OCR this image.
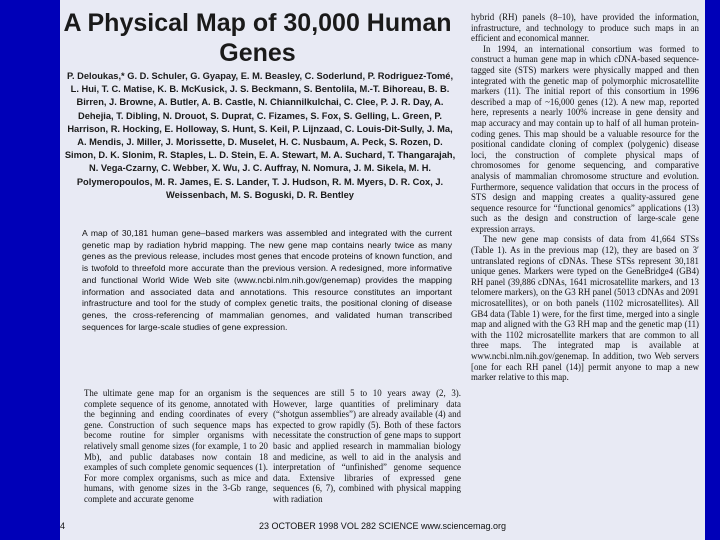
A Physical Map of 30,000 Human Genes
P. Deloukas,* G. D. Schuler, G. Gyapay, E. M. Beasley, C. Soderlund, P. Rodriguez-Tomé, L. Hui, T. C. Matise, K. B. McKusick, J. S. Beckmann, S. Bentolila, M.-T. Bihoreau, B. B. Birren, J. Browne, A. Butler, A. B. Castle, N. Chiannilkulchai, C. Clee, P. J. R. Day, A. Dehejia, T. Dibling, N. Drouot, S. Duprat, C. Fizames, S. Fox, S. Gelling, L. Green, P. Harrison, R. Hocking, E. Holloway, S. Hunt, S. Keil, P. Lijnzaad, C. Louis-Dit-Sully, J. Ma, A. Mendis, J. Miller, J. Morissette, D. Muselet, H. C. Nusbaum, A. Peck, S. Rozen, D. Simon, D. K. Slonim, R. Staples, L. D. Stein, E. A. Stewart, M. A. Suchard, T. Thangarajah, N. Vega-Czarny, C. Webber, X. Wu, J. C. Auffray, N. Nomura, J. M. Sikela, M. H. Polymeropoulos, M. R. James, E. S. Lander, T. J. Hudson, R. M. Myers, D. R. Cox, J. Weissenbach, M. S. Boguski, D. R. Bentley
A map of 30,181 human gene–based markers was assembled and integrated with the current genetic map by radiation hybrid mapping. The new gene map contains nearly twice as many genes as the previous release, includes most genes that encode proteins of known function, and is twofold to threefold more accurate than the previous version. A redesigned, more informative and functional World Wide Web site (www.ncbi.nlm.nih.gov/genemap) provides the mapping information and associated data and annotations. This resource constitutes an important infrastructure and tool for the study of complex genetic traits, the positional cloning of disease genes, the cross-referencing of mammalian genomes, and validated human transcribed sequences for large-scale studies of gene expression.

The ultimate gene map for an organism is the complete sequence of its genome, annotated with the beginning and ending coordinates of every gene. Construction of such sequence maps has become routine for simpler organisms with relatively small genome sizes (for example, 1 to 20 Mb), and public databases now contain 18 examples of such complete genomic sequences (1). For more complex organisms, such as mice and humans, with genome sizes in the 3-Gb range, complete and accurate genome

sequences are still 5 to 10 years away (2, 3). However, large quantities of preliminary data (“shotgun assemblies”) are already available (4) and expected to grow rapidly (5). Both of these factors necessitate the construction of gene maps to support basic and applied research in mammalian biology and medicine, as well to aid in the analysis and interpretation of “unfinished” genome sequence data. Extensive libraries of expressed gene sequences (6, 7), combined with physical mapping with radiation

hybrid (RH) panels (8–10), have provided the information, infrastructure, and technology to produce such maps in an efficient and economical manner.

In 1994, an international consortium was formed to construct a human gene map in which cDNA-based sequence-tagged site (STS) markers were physically mapped and then integrated with the genetic map of polymorphic microsatellite markers (11). The initial report of this consortium in 1996 described a map of ~16,000 genes (12). A new map, reported here, represents a nearly 100% increase in gene density and map accuracy and may contain up to half of all human protein-coding genes. This map should be a valuable resource for the positional candidate cloning of complex (polygenic) disease loci, the construction of complete physical maps of chromosomes for genome sequencing, and comparative analysis of mammalian chromosome structure and evolution. Furthermore, sequence validation that occurs in the process of STS design and mapping creates a quality-assured gene sequence resource for “functional genomics” applications (13) such as the design and construction of large-scale gene expression arrays.

The new gene map consists of data from 41,664 STSs (Table 1). As in the previous map (12), they are based on 3′ untranslated regions of cDNAs. These STSs represent 30,181 unique genes. Markers were typed on the GeneBridge4 (GB4) RH panel (39,886 cDNAs, 1641 microsatellite markers, and 13 telomere markers), on the G3 RH panel (5013 cDNAs and 2091 microsatellites), or on both panels (1102 microsatellites). All GB4 data (Table 1) were, for the first time, merged into a single map and aligned with the G3 RH map and the genetic map (11) with the 1102 microsatellite markers that are common to all three maps. The integrated map is available at www.ncbi.nlm.nih.gov/genemap. In addition, two Web servers [one for each RH panel (14)] permit anyone to map a new marker relative to this map.

4	23 OCTOBER 1998 VOL 282 SCIENCE www.sciencemag.org
